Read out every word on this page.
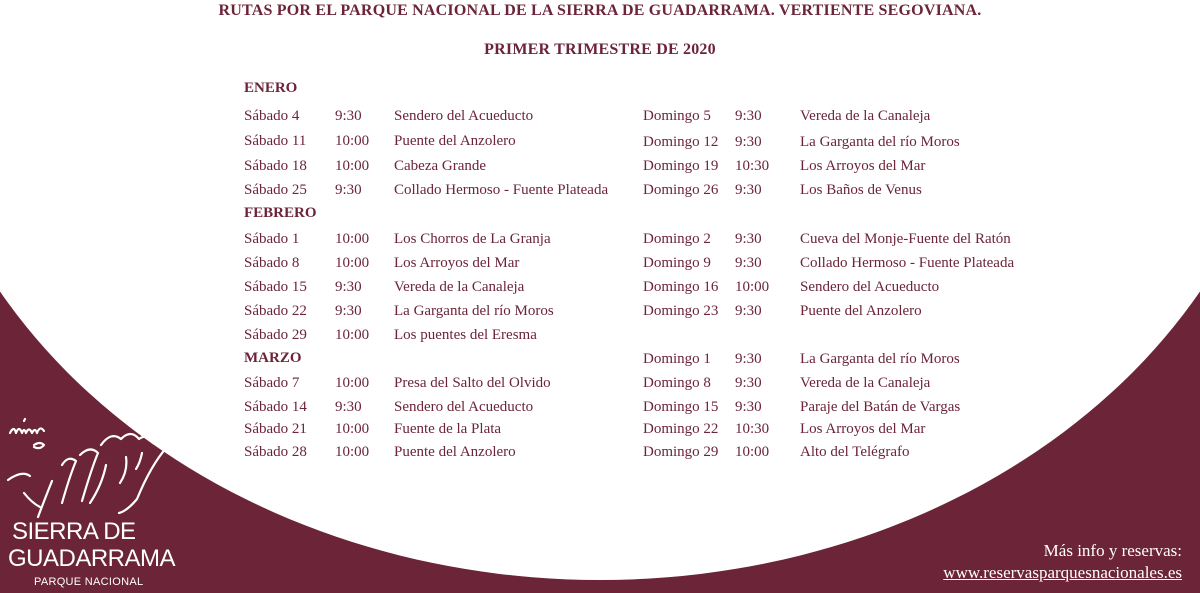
RUTAS POR EL PARQUE NACIONAL DE LA SIERRA DE GUADARRAMA. VERTIENTE SEGOVIANA.
PRIMER TRIMESTRE DE 2020
ENERO
Sábado 4 9:30 Sendero del Acueducto
Sábado 11 10:00 Puente del Anzolero
Sábado 18 10:00 Cabeza Grande
Sábado 25 9:30 Collado Hermoso - Fuente Plateada
Domingo 5 9:30	Vereda de la Canaleja
Domingo 12 9:30	La Garganta del río Moros
Domingo 19 10:30 Los Arroyos del Mar
Domingo 26 9:30	Los Baños de Venus
FEBRERO
Sábado 1 10:00 Los Chorros de La Granja
Sábado 8 10:00 Los Arroyos del Mar
Sábado 15 9:30 Vereda de la Canaleja
Sábado 22 9:30 La Garganta del río Moros
Sábado 29 10:00 Los puentes del Eresma
Domingo 2 9:30	Cueva del Monje-Fuente del Ratón
Domingo 9 9:30	Collado Hermoso - Fuente Plateada
Domingo 16 10:00 Sendero del Acueducto
Domingo 23 9:30	Puente del Anzolero
MARZO
Sábado 7 10:00 Presa del Salto del Olvido
Sábado 14 9:30 Sendero del Acueducto
Sábado 21 10:00 Fuente de la Plata
Sábado 28 10:00 Puente del Anzolero
Domingo 1 9:30	La Garganta del río Moros
Domingo 8 9:30	Vereda de la Canaleja
Domingo 15 9:30	Paraje del Batán de Vargas
Domingo 22 10:30 Los Arroyos del Mar
Domingo 29 10:00 Alto del Telégrafo
SIERRA DE
GUADARRAMA
PARQUE NACIONAL
Más info y reservas:
www.reservasparquesnacionales.es
